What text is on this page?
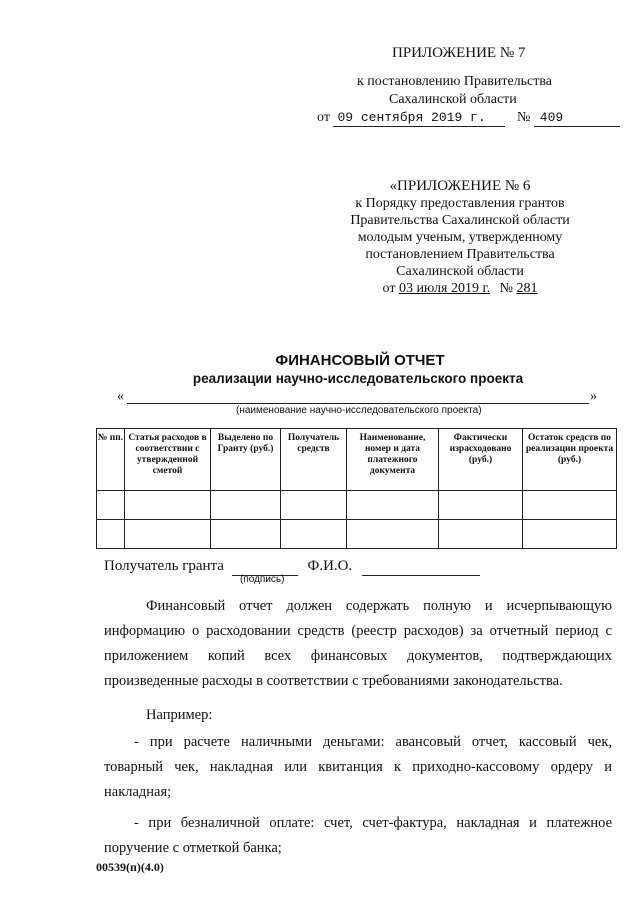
ПРИЛОЖЕНИЕ № 7
к постановлению Правительства
Сахалинской области
от 09 сентября 2019 г. № 409
«ПРИЛОЖЕНИЕ № 6
к Порядку предоставления грантов
Правительства Сахалинской области
молодым ученым, утвержденному
постановлением Правительства
Сахалинской области
от 03 июля 2019 г. № 281
ФИНАНСОВЫЙ ОТЧЕТ
реализации научно-исследовательского проекта
«	»
(наименование научно-исследовательского проекта)
№ пп.	Статья расходов в соответствии с утвержденной сметой	Выделено по Гранту (руб.)	Получатель средств	Наименование, номер и дата платежного документа	Фактически израсходовано (руб.)	Остаток средств по реализации проекта (руб.)

Получатель гранта	Ф.И.О.
(подпись)
Финансовый отчет должен содержать полную и исчерпывающую информацию о расходовании средств (реестр расходов) за отчетный период с приложением копий всех финансовых документов, подтверждающих произведенные расходы в соответствии с требованиями законодательства.
Например:
- при расчете наличными деньгами: авансовый отчет, кассовый чек, товарный чек, накладная или квитанция к приходно-кассовому ордеру и накладная;
- при безналичной оплате: счет, счет-фактура, накладная и платежное поручение с отметкой банка;
00539(п)(4.0)
